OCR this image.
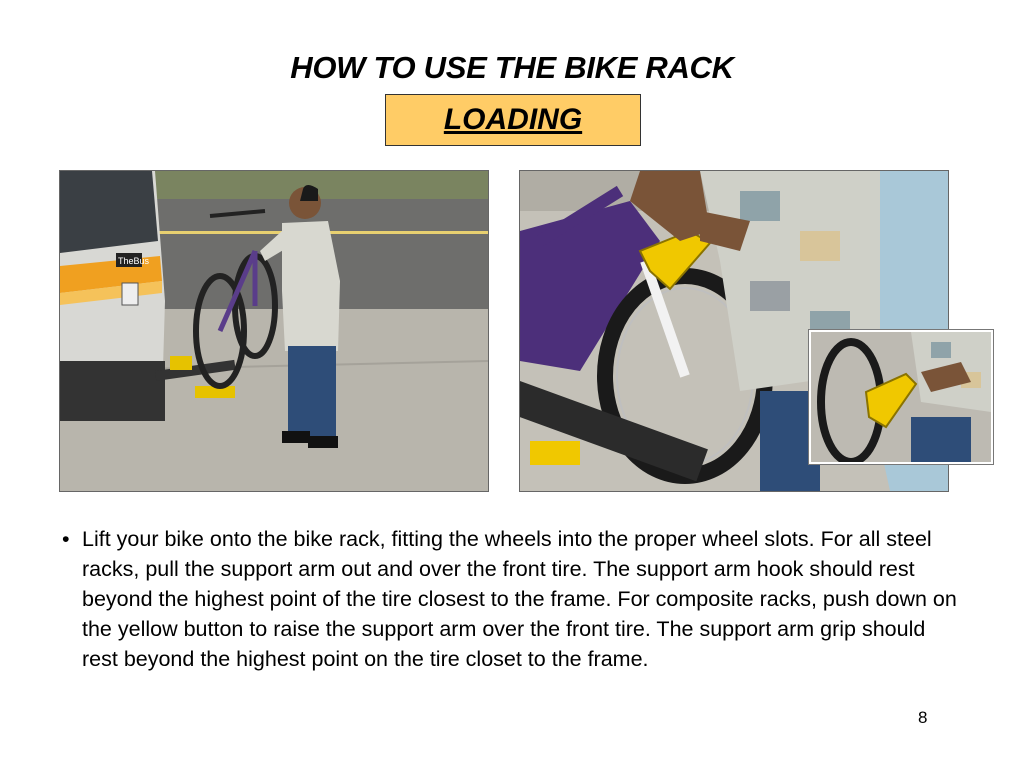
HOW TO USE THE BIKE RACK
LOADING
TheBus
• Lift your bike onto the bike rack, fitting the wheels into the proper wheel slots. For all steel racks, pull the support arm out and over the front tire. The support arm hook should rest beyond the highest point of the tire closest to the frame. For composite racks, push down on the yellow button to raise the support arm over the front tire. The support arm grip should rest beyond the highest point on the tire closet to the frame.
8
